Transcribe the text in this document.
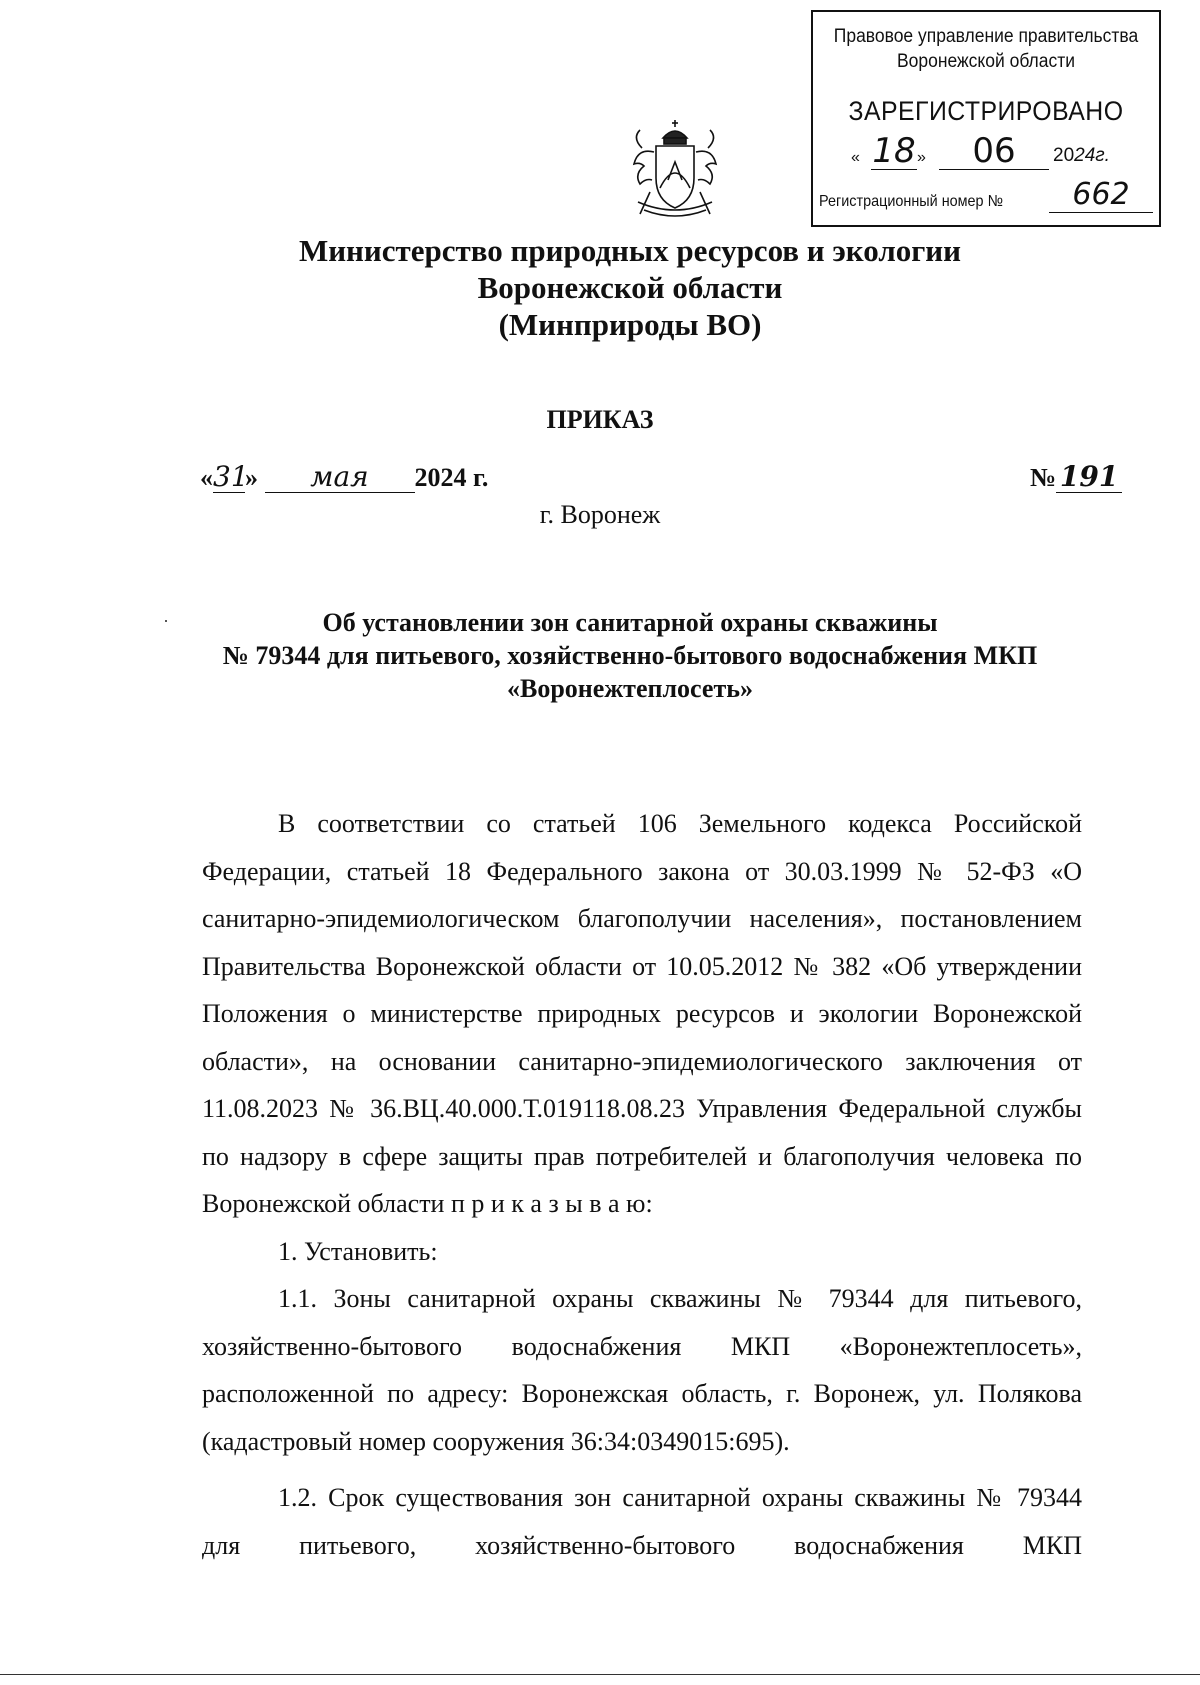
Правовое управление правительства Воронежской области
ЗАРЕГИСТРИРОВАНО
« 18 »	06	2024г.
Регистрационный номер №	662
Министерство природных ресурсов и экологии
Воронежской области
(Минприроды ВО)
ПРИКАЗ
«31» мая 2024 г.	№ 191
г. Воронеж
Об установлении зон санитарной охраны скважины
№ 79344 для питьевого, хозяйственно-бытового водоснабжения МКП
«Воронежтеплосеть»

В соответствии со статьей 106 Земельного кодекса Российской Федерации, статьей 18 Федерального закона от 30.03.1999 № 52-ФЗ «О санитарно-эпидемиологическом благополучии населения», постановлением Правительства Воронежской области от 10.05.2012 № 382 «Об утверждении Положения о министерстве природных ресурсов и экологии Воронежской области», на основании санитарно-эпидемиологического заключения от 11.08.2023 № 36.ВЦ.40.000.Т.019118.08.23 Управления Федеральной службы по надзору в сфере защиты прав потребителей и благополучия человека по Воронежской области п р и к а з ы в а ю:

1. Установить:

1.1. Зоны санитарной охраны скважины № 79344 для питьевого, хозяйственно-бытового водоснабжения МКП «Воронежтеплосеть», расположенной по адресу: Воронежская область, г. Воронеж, ул. Полякова (кадастровый номер сооружения 36:34:0349015:695).

1.2. Срок существования зон санитарной охраны скважины № 79344 для питьевого, хозяйственно-бытового водоснабжения МКП
